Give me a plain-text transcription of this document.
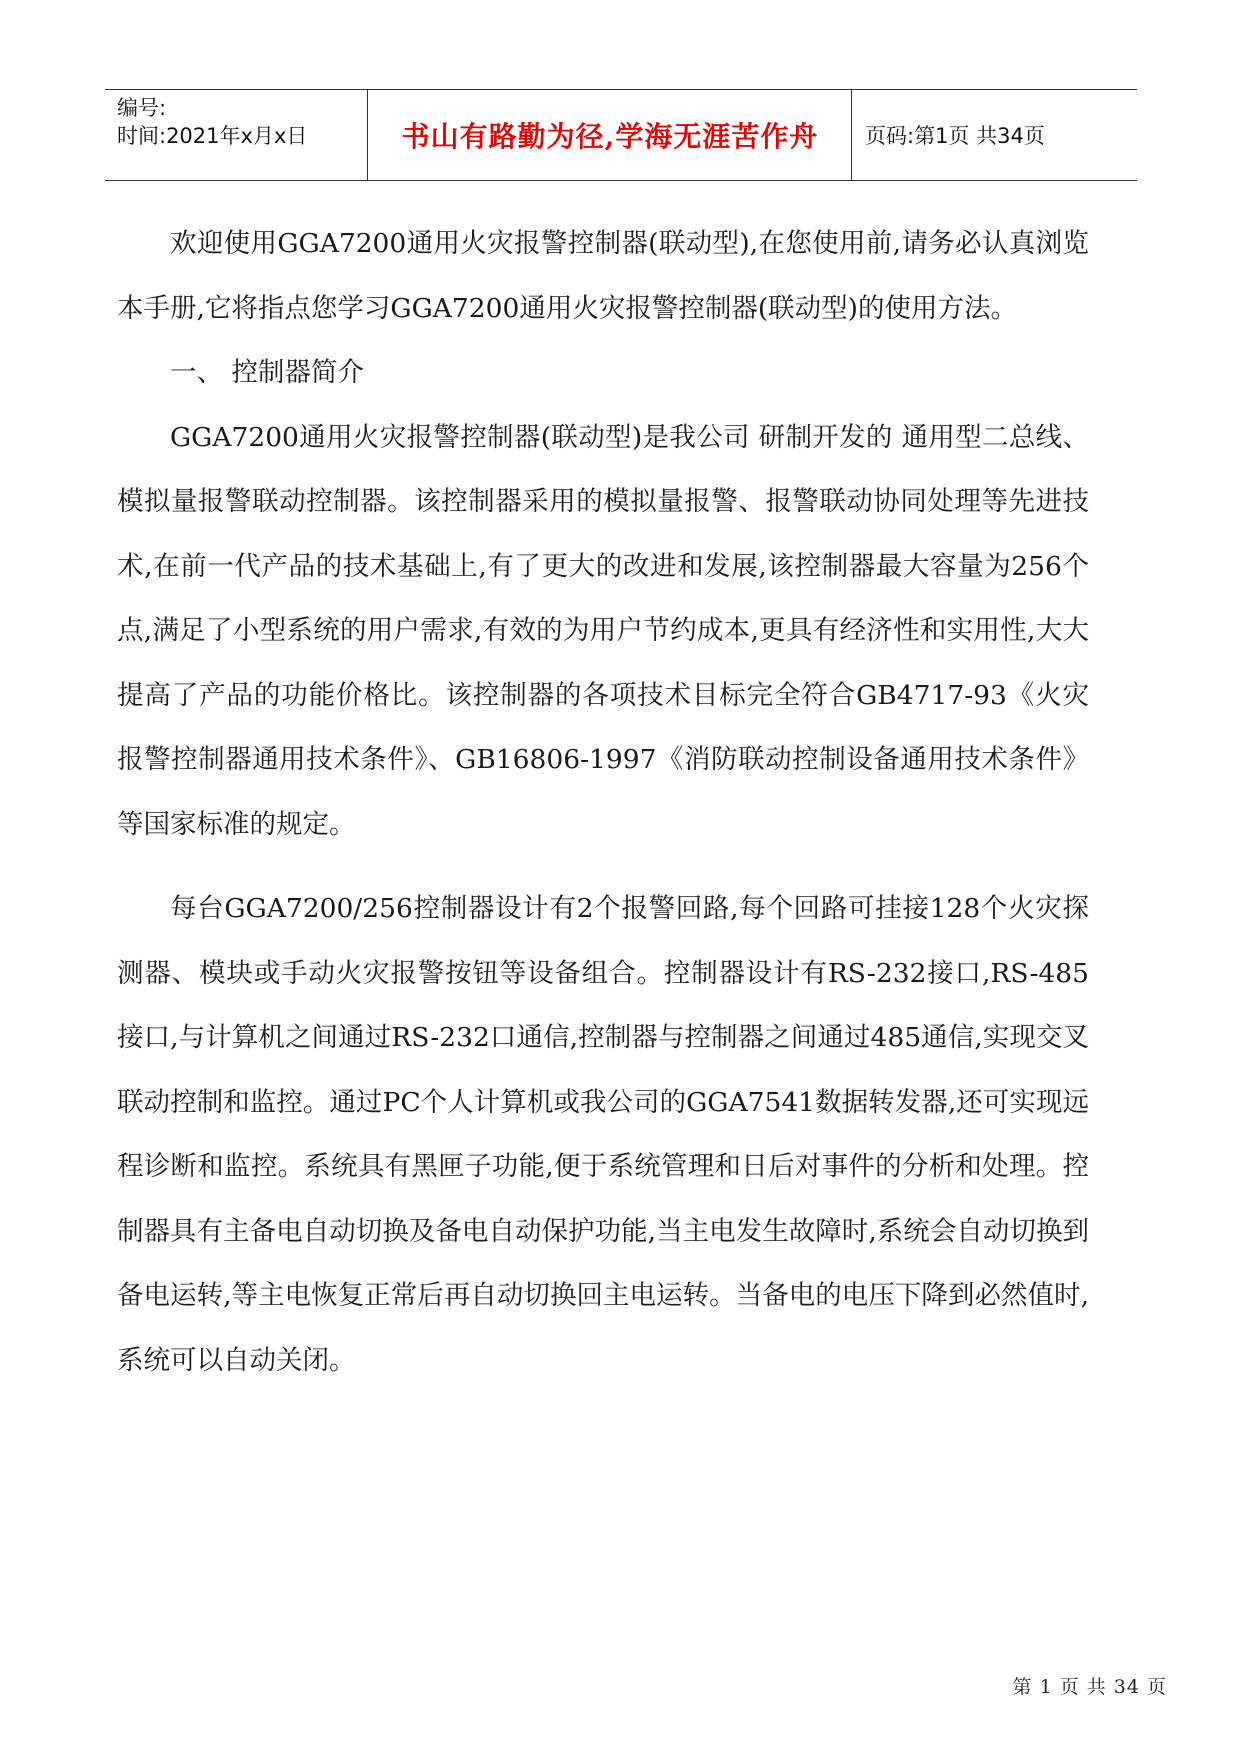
编号:
时间:2021年x月x日	书山有路勤为径,学海无涯苦作舟	页码:第1页 共34页

欢迎使用GGA7200通用火灾报警控制器(联动型),在您使用前,请务必认真浏览本手册,它将指点您学习GGA7200通用火灾报警控制器(联动型)的使用方法。

一、 控制器简介

GGA7200通用火灾报警控制器(联动型)是我公司 研制开发的 通用型二总线、模拟量报警联动控制器。该控制器采用的模拟量报警、报警联动协同处理等先进技术,在前一代产品的技术基础上,有了更大的改进和发展,该控制器最大容量为256个点,满足了小型系统的用户需求,有效的为用户节约成本,更具有经济性和实用性,大大提高了产品的功能价格比。该控制器的各项技术目标完全符合GB4717-93《火灾报警控制器通用技术条件》、GB16806-1997《消防联动控制设备通用技术条件》等国家标准的规定。

每台GGA7200/256控制器设计有2个报警回路,每个回路可挂接128个火灾探测器、模块或手动火灾报警按钮等设备组合。控制器设计有RS-232接口,RS-485接口,与计算机之间通过RS-232口通信,控制器与控制器之间通过485通信,实现交叉联动控制和监控。通过PC个人计算机或我公司的GGA7541数据转发器,还可实现远程诊断和监控。系统具有黑匣子功能,便于系统管理和日后对事件的分析和处理。控制器具有主备电自动切换及备电自动保护功能,当主电发生故障时,系统会自动切换到备电运转,等主电恢复正常后再自动切换回主电运转。当备电的电压下降到必然值时,系统可以自动关闭。

第 1 页 共 34 页
